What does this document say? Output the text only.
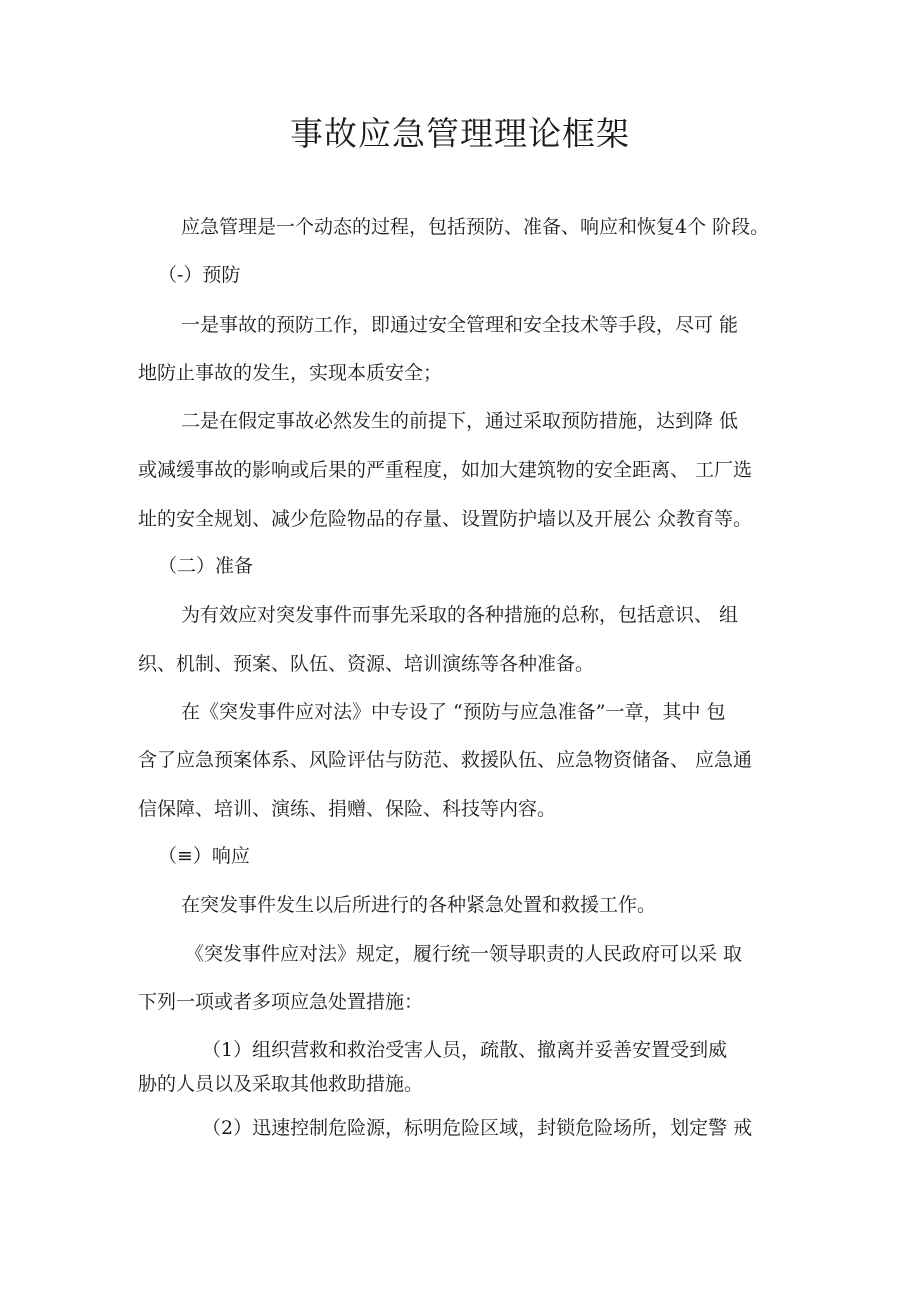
事故应急管理理论框架
应急管理是一个动态的过程，包括预防、准备、响应和恢复4个 阶段。
（-）预防
一是事故的预防工作，即通过安全管理和安全技术等手段，尽可 能
地防止事故的发生，实现本质安全；
二是在假定事故必然发生的前提下，通过采取预防措施，达到降 低
或减缓事故的影响或后果的严重程度，如加大建筑物的安全距离、 工厂选
址的安全规划、减少危险物品的存量、设置防护墙以及开展公 众教育等。
（二）准备
为有效应对突发事件而事先采取的各种措施的总称，包括意识、 组
织、机制、预案、队伍、资源、培训演练等各种准备。
在《突发事件应对法》中专设了 “预防与应急准备”一章，其中 包
含了应急预案体系、风险评估与防范、救援队伍、应急物资储备、 应急通
信保障、培训、演练、捐赠、保险、科技等内容。
（≡）响应
在突发事件发生以后所进行的各种紧急处置和救援工作。
《突发事件应对法》规定，履行统一领导职责的人民政府可以采 取
下列一项或者多项应急处置措施：
（1）组织营救和救治受害人员，疏散、撤离并妥善安置受到威
胁的人员以及采取其他救助措施。
（2）迅速控制危险源，标明危险区域，封锁危险场所，划定警 戒
